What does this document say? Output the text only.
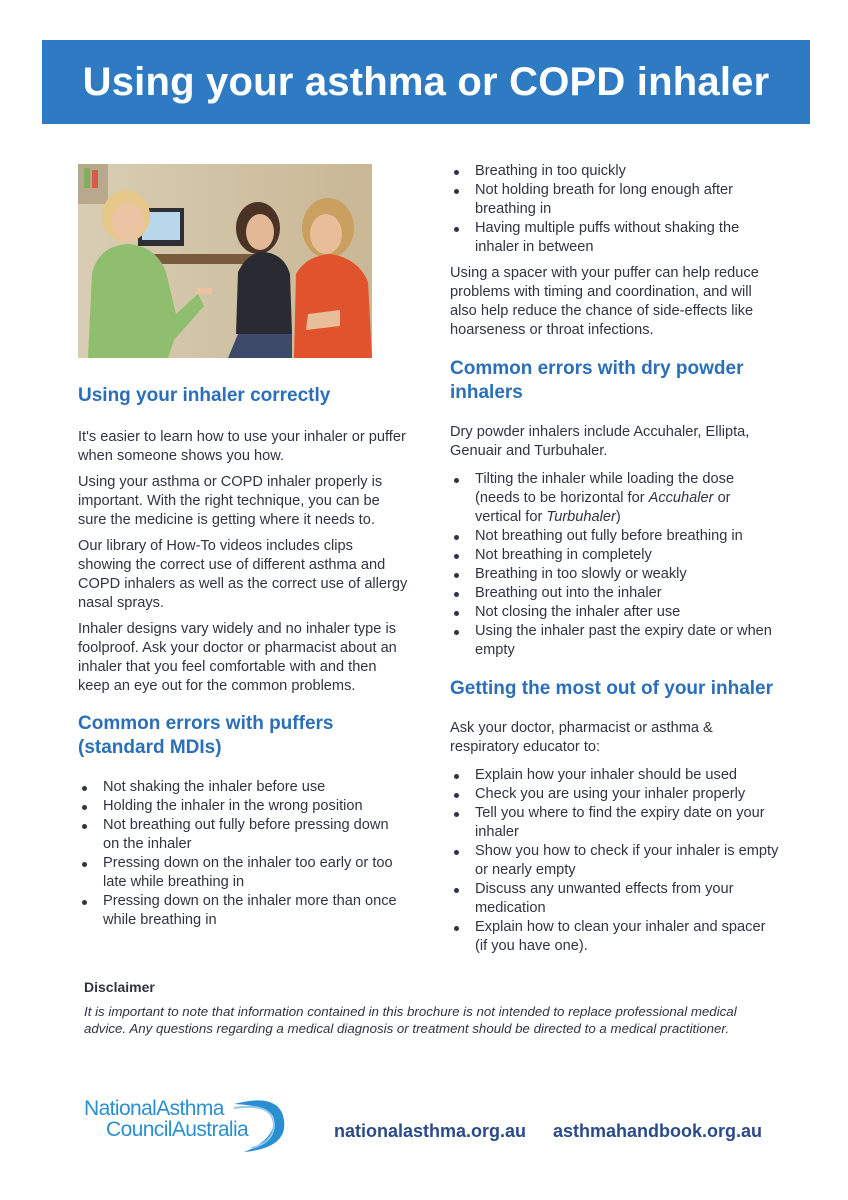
Using your asthma or COPD inhaler
Using your inhaler correctly

It's easier to learn how to use your inhaler or puffer when someone shows you how.

Using your asthma or COPD inhaler properly is important. With the right technique, you can be sure the medicine is getting where it needs to.

Our library of How-To videos includes clips showing the correct use of different asthma and COPD inhalers as well as the correct use of allergy nasal sprays.

Inhaler designs vary widely and no inhaler type is foolproof. Ask your doctor or pharmacist about an inhaler that you feel comfortable with and then keep an eye out for the common problems.

Common errors with puffers (standard MDIs)
Not shaking the inhaler before use
Holding the inhaler in the wrong position
Not breathing out fully before pressing down on the inhaler
Pressing down on the inhaler too early or too late while breathing in
Pressing down on the inhaler more than once while breathing in
Breathing in too quickly
Not holding breath for long enough after breathing in
Having multiple puffs without shaking the inhaler in between

Using a spacer with your puffer can help reduce problems with timing and coordination, and will also help reduce the chance of side-effects like hoarseness or throat infections.

Common errors with dry powder inhalers

Dry powder inhalers include Accuhaler, Ellipta, Genuair and Turbuhaler.

Tilting the inhaler while loading the dose (needs to be horizontal for Accuhaler or vertical for Turbuhaler)
Not breathing out fully before breathing in
Not breathing in completely
Breathing in too slowly or weakly
Breathing out into the inhaler
Not closing the inhaler after use
Using the inhaler past the expiry date or when empty
Getting the most out of your inhaler

Ask your doctor, pharmacist or asthma & respiratory educator to:

Explain how your inhaler should be used
Check you are using your inhaler properly
Tell you where to find the expiry date on your inhaler
Show you how to check if your inhaler is empty or nearly empty
Discuss any unwanted effects from your medication
Explain how to clean your inhaler and spacer (if you have one).
Disclaimer

It is important to note that information contained in this brochure is not intended to replace professional medical advice. Any questions regarding a medical diagnosis or treatment should be directed to a medical practitioner.

NationalAsthma
CouncilAustralia	nationalasthma.org.au asthmahandbook.org.au
